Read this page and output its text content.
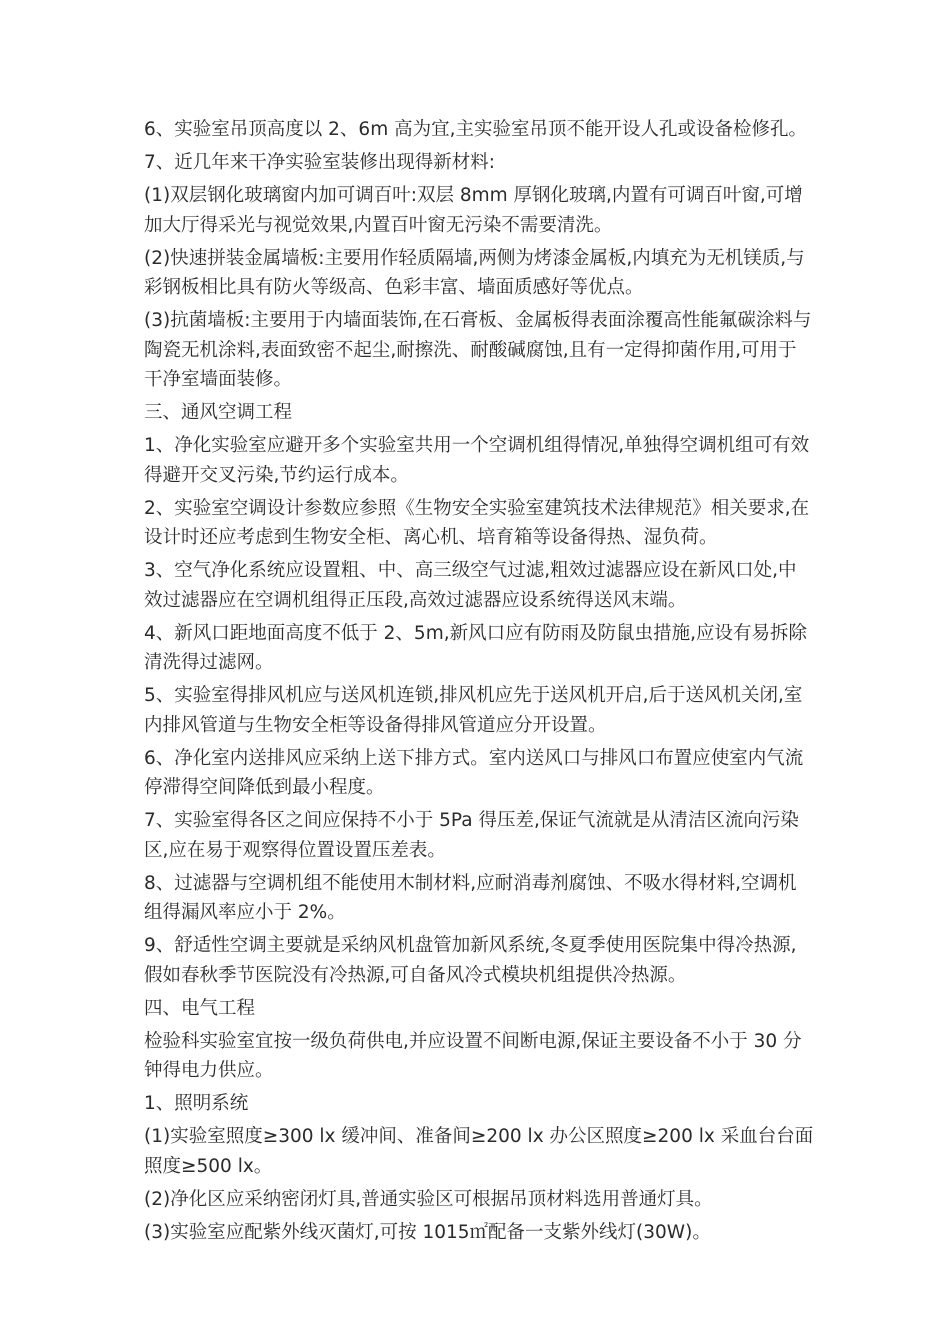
6、实验室吊顶高度以 2、6m 高为宜,主实验室吊顶不能开设人孔或设备检修孔。

7、近几年来干净实验室装修出现得新材料:

(1)双层钢化玻璃窗内加可调百叶:双层 8mm 厚钢化玻璃,内置有可调百叶窗,可增加大厅得采光与视觉效果,内置百叶窗无污染不需要清洗。

(2)快速拼装金属墙板:主要用作轻质隔墙,两侧为烤漆金属板,内填充为无机镁质,与彩钢板相比具有防火等级高、色彩丰富、墙面质感好等优点。

(3)抗菌墙板:主要用于内墙面装饰,在石膏板、金属板得表面涂覆高性能氟碳涂料与陶瓷无机涂料,表面致密不起尘,耐擦洗、耐酸碱腐蚀,且有一定得抑菌作用,可用于干净室墙面装修。

三、通风空调工程

1、净化实验室应避开多个实验室共用一个空调机组得情况,单独得空调机组可有效得避开交叉污染,节约运行成本。

2、实验室空调设计参数应参照《生物安全实验室建筑技术法律规范》相关要求,在设计时还应考虑到生物安全柜、离心机、培育箱等设备得热、湿负荷。

3、空气净化系统应设置粗、中、高三级空气过滤,粗效过滤器应设在新风口处,中效过滤器应在空调机组得正压段,高效过滤器应设系统得送风末端。

4、新风口距地面高度不低于 2、5m,新风口应有防雨及防鼠虫措施,应设有易拆除清洗得过滤网。

5、实验室得排风机应与送风机连锁,排风机应先于送风机开启,后于送风机关闭,室内排风管道与生物安全柜等设备得排风管道应分开设置。

6、净化室内送排风应采纳上送下排方式。室内送风口与排风口布置应使室内气流停滞得空间降低到最小程度。

7、实验室得各区之间应保持不小于 5Pa 得压差,保证气流就是从清洁区流向污染区,应在易于观察得位置设置压差表。

8、过滤器与空调机组不能使用木制材料,应耐消毒剂腐蚀、不吸水得材料,空调机组得漏风率应小于 2%。

9、舒适性空调主要就是采纳风机盘管加新风系统,冬夏季使用医院集中得冷热源,假如春秋季节医院没有冷热源,可自备风冷式模块机组提供冷热源。

四、电气工程

检验科实验室宜按一级负荷供电,并应设置不间断电源,保证主要设备不小于 30 分钟得电力供应。

1、照明系统

(1)实验室照度≥300 lx 缓冲间、准备间≥200 lx 办公区照度≥200 lx 采血台台面照度≥500 lx。

(2)净化区应采纳密闭灯具,普通实验区可根据吊顶材料选用普通灯具。

(3)实验室应配紫外线灭菌灯,可按 1015㎡配备一支紫外线灯(30W)。
